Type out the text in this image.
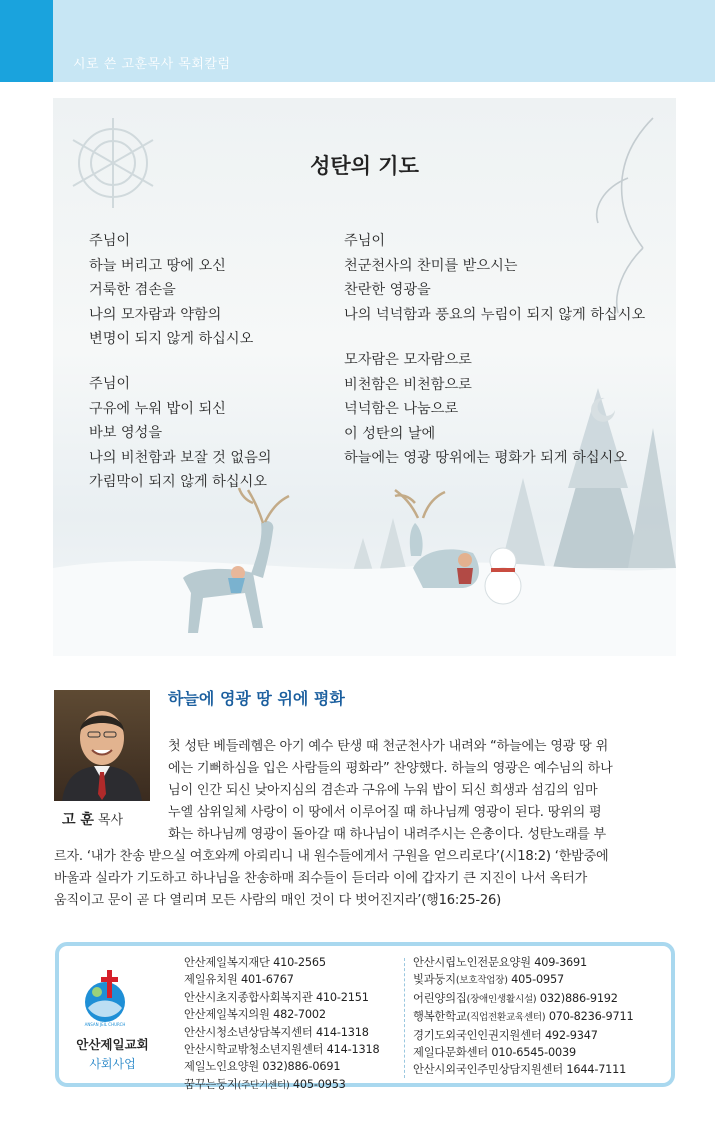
시로 쓴 고훈목사 목회칼럼
성탄의 기도
주님이
하늘 버리고 땅에 오신
거룩한 겸손을
나의 모자람과 약함의
변명이 되지 않게 하십시오
주님이
구유에 누워 밥이 되신
바보 영성을
나의 비천함과 보잘 것 없음의
가림막이 되지 않게 하십시오
주님이
천군천사의 찬미를 받으시는
찬란한 영광을
나의 넉넉함과 풍요의 누림이 되지 않게 하십시오
모자람은 모자람으로
비천함은 비천함으로
넉넉함은 나눔으로
이 성탄의 날에
하늘에는 영광 땅위에는 평화가 되게 하십시오
고 훈 목사
하늘에 영광 땅 위에 평화
첫 성탄 베들레헴은 아기 예수 탄생 때 천군천사가 내려와 “하늘에는 영광 땅 위
에는 기뻐하심을 입은 사람들의 평화라” 찬양했다. 하늘의 영광은 예수님의 하나
님이 인간 되신 낮아지심의 겸손과 구유에 누워 밥이 되신 희생과 섬김의 임마
누엘 삼위일체 사랑이 이 땅에서 이루어질 때 하나님께 영광이 된다. 땅위의 평
화는 하나님께 영광이 돌아갈 때 하나님이 내려주시는 은총이다. 성탄노래를 부
르자. ‘내가 찬송 받으실 여호와께 아뢰리니 내 원수들에게서 구원을 얻으리로다’(시18:2) ‘한밤중에
바울과 실라가 기도하고 하나님을 찬송하매 죄수들이 듣더라 이에 갑자기 큰 지진이 나서 옥터가
움직이고 문이 곧 다 열리며 모든 사람의 매인 것이 다 벗어진지라’(행16:25-26)
ANSAN JEIL CHURCH
안산제일교회
사회사업
안산제일복지재단 410-2565
제일유치원 401-6767
안산시초지종합사회복지관 410-2151
안산제일복지의원 482-7002
안산시청소년상담복지센터 414-1318
안산시학교밖청소년지원센터 414-1318
제일노인요양원 032)886-0691
꿈꾸는둥지(주단기센터) 405-0953
안산시립노인전문요양원 409-3691
빛과둥지(보호작업장) 405-0957
어린양의집(장애인생활시설) 032)886-9192
행복한학교(직업전환교육센터) 070-8236-9711
경기도외국인인권지원센터 492-9347
제일다문화센터 010-6545-0039
안산시외국인주민상담지원센터 1644-7111
